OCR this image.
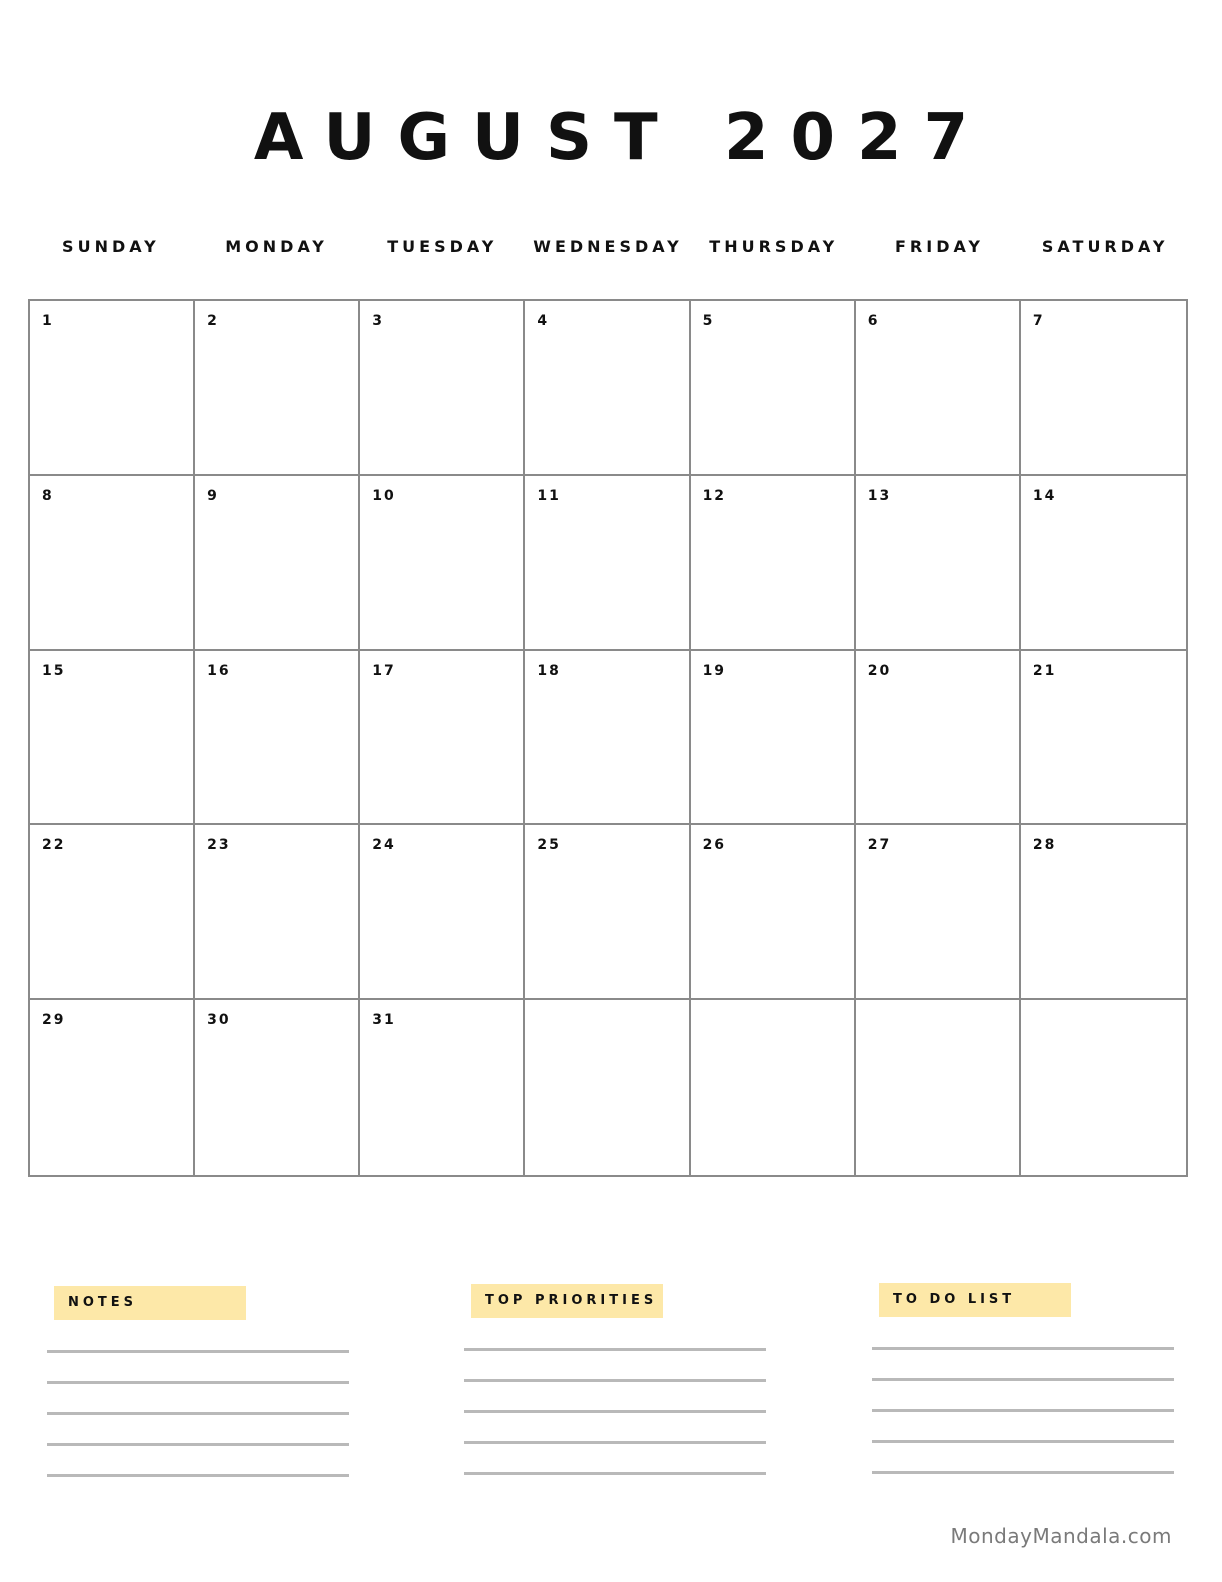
AUGUST 2027
SUNDAY	MONDAY	TUESDAY	WEDNESDAY	THURSDAY	FRIDAY	SATURDAY
1	2	3	4	5	6	7
8	9	10	11	12	13	14
15	16	17	18	19	20	21
22	23	24	25	26	27	28
29	30	31
NOTES	TOP PRIORITIES	TO DO LIST
MondayMandala.com
